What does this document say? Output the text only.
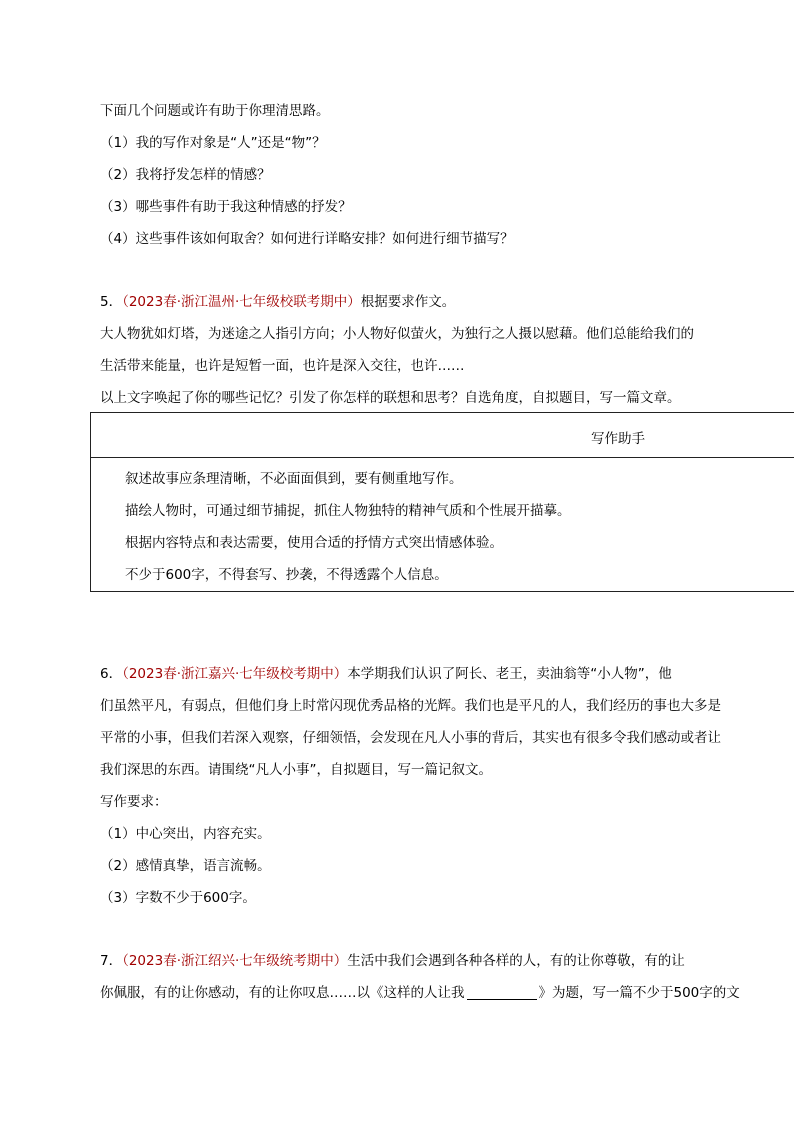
下面几个问题或许有助于你理清思路。
（1）我的写作对象是“人”还是“物”？
（2）我将抒发怎样的情感？
（3）哪些事件有助于我这种情感的抒发？
（4）这些事件该如何取舍？如何进行详略安排？如何进行细节描写？
5．（2023春·浙江温州·七年级校联考期中）根据要求作文。
大人物犹如灯塔，为迷途之人指引方向；小人物好似萤火，为独行之人摄以慰藉。他们总能给我们的
生活带来能量，也许是短暂一面，也许是深入交往，也许……
以上文字唤起了你的哪些记忆？引发了你怎样的联想和思考？自选角度，自拟题目，写一篇文章。
写作助手
叙述故事应条理清晰，不必面面俱到，要有侧重地写作。
描绘人物时，可通过细节捕捉，抓住人物独特的精神气质和个性展开描摹。
根据内容特点和表达需要，使用合适的抒情方式突出情感体验。
不少于600字，不得套写、抄袭，不得透露个人信息。
6．（2023春·浙江嘉兴·七年级校考期中）本学期我们认识了阿长、老王，卖油翁等“小人物”，他
们虽然平凡，有弱点，但他们身上时常闪现优秀品格的光辉。我们也是平凡的人，我们经历的事也大多是
平常的小事，但我们若深入观察，仔细领悟，会发现在凡人小事的背后，其实也有很多令我们感动或者让
我们深思的东西。请围绕“凡人小事”，自拟题目，写一篇记叙文。
写作要求：
（1）中心突出，内容充实。
（2）感情真挚，语言流畅。
（3）字数不少于600字。
7．（2023春·浙江绍兴·七年级统考期中）生活中我们会遇到各种各样的人，有的让你尊敬，有的让
你佩服，有的让你感动，有的让你叹息……以《这样的人让我	》为题，写一篇不少于500字的文
